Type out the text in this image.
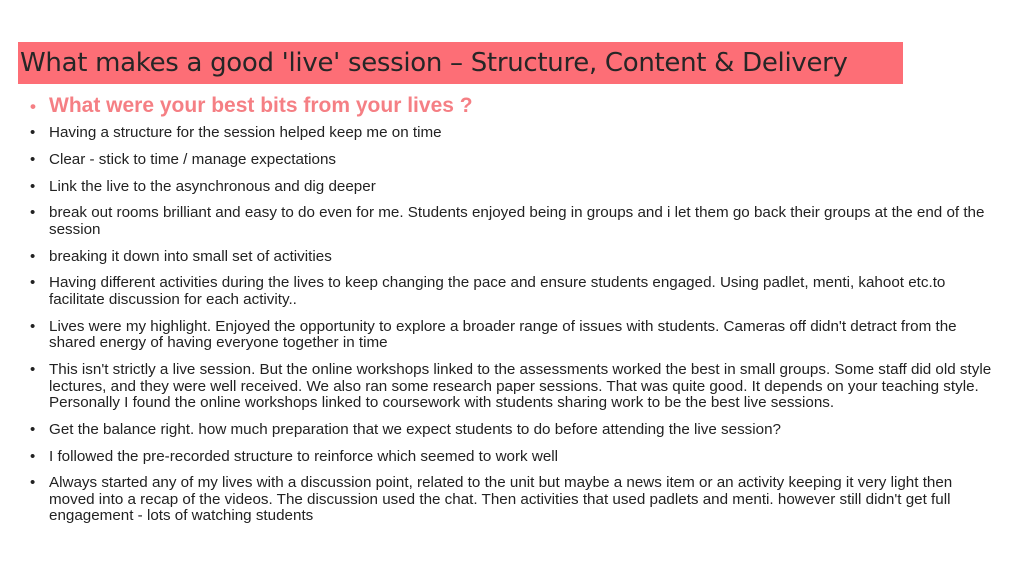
What makes a good 'live' session – Structure, Content & Delivery
• What were your best bits from your lives ?
• Having a structure for the session helped keep me on time
• Clear - stick to time / manage expectations
• Link the live to the asynchronous and dig deeper
• break out rooms brilliant and easy to do even for me. Students enjoyed being in groups and i let them go back their groups at the end of the session
• breaking it down into small set of activities
• Having different activities during the lives to keep changing the pace and ensure students engaged. Using padlet, menti, kahoot etc.to facilitate discussion for each activity..
• Lives were my highlight. Enjoyed the opportunity to explore a broader range of issues with students. Cameras off didn't detract from the shared energy of having everyone together in time
• This isn't strictly a live session. But the online workshops linked to the assessments worked the best in small groups. Some staff did old style lectures, and they were well received. We also ran some research paper sessions. That was quite good. It depends on your teaching style. Personally I found the online workshops linked to coursework with students sharing work to be the best live sessions.
• Get the balance right. how much preparation that we expect students to do before attending the live session?
• I followed the pre-recorded structure to reinforce which seemed to work well
• Always started any of my lives with a discussion point, related to the unit but maybe a news item or an activity keeping it very light then moved into a recap of the videos. The discussion used the chat. Then activities that used padlets and menti. however still didn't get full engagement - lots of watching students
